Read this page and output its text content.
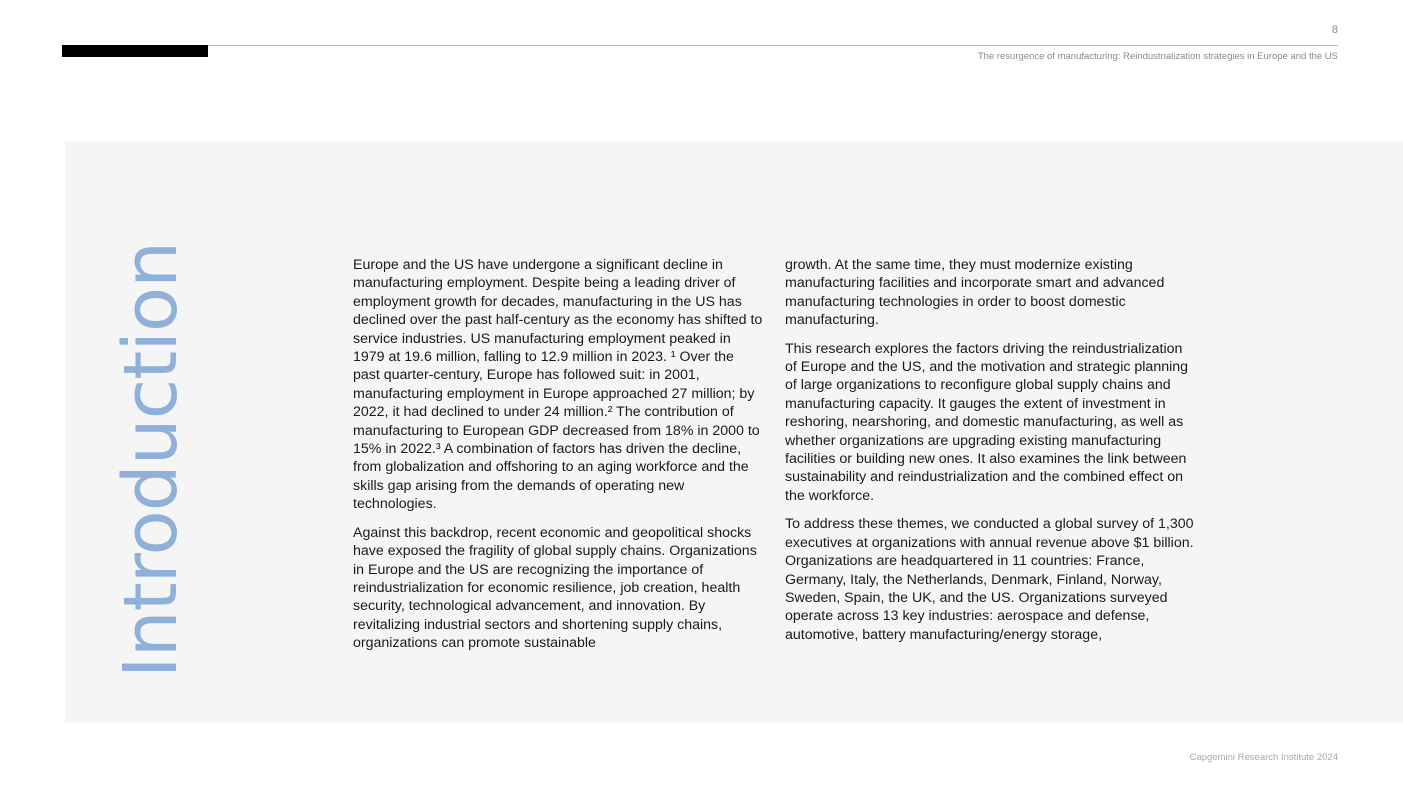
8
The resurgence of manufacturing: Reindustrialization strategies in Europe and the US
Introduction	Europe and the US have undergone a significant decline in manufacturing employment. Despite being a leading driver of employment growth for decades, manufacturing in the US has declined over the past half-century as the economy has shifted to service industries. US manufacturing employment peaked in 1979 at 19.6 million, falling to 12.9 million in 2023. ¹ Over the past quarter-century, Europe has followed suit: in 2001, manufacturing employment in Europe approached 27 million; by 2022, it had declined to under 24 million.² The contribution of manufacturing to European GDP decreased from 18% in 2000 to 15% in 2022.³ A combination of factors has driven the decline, from globalization and offshoring to an aging workforce and the skills gap arising from the demands of operating new technologies.

Against this backdrop, recent economic and geopolitical shocks have exposed the fragility of global supply chains. Organizations in Europe and the US are recognizing the importance of reindustrialization for economic resilience, job creation, health security, technological advancement, and innovation. By revitalizing industrial sectors and shortening supply chains, organizations can promote sustainable

growth. At the same time, they must modernize existing manufacturing facilities and incorporate smart and advanced manufacturing technologies in order to boost domestic manufacturing.

This research explores the factors driving the reindustrialization of Europe and the US, and the motivation and strategic planning of large organizations to reconfigure global supply chains and manufacturing capacity. It gauges the extent of investment in reshoring, nearshoring, and domestic manufacturing, as well as whether organizations are upgrading existing manufacturing facilities or building new ones. It also examines the link between sustainability and reindustrialization and the combined effect on the workforce.

To address these themes, we conducted a global survey of 1,300 executives at organizations with annual revenue above $1 billion. Organizations are headquartered in 11 countries: France, Germany, Italy, the Netherlands, Denmark, Finland, Norway, Sweden, Spain, the UK, and the US. Organizations surveyed operate across 13 key industries: aerospace and defense, automotive, battery manufacturing/energy storage,

Capgemini Research Institute 2024
